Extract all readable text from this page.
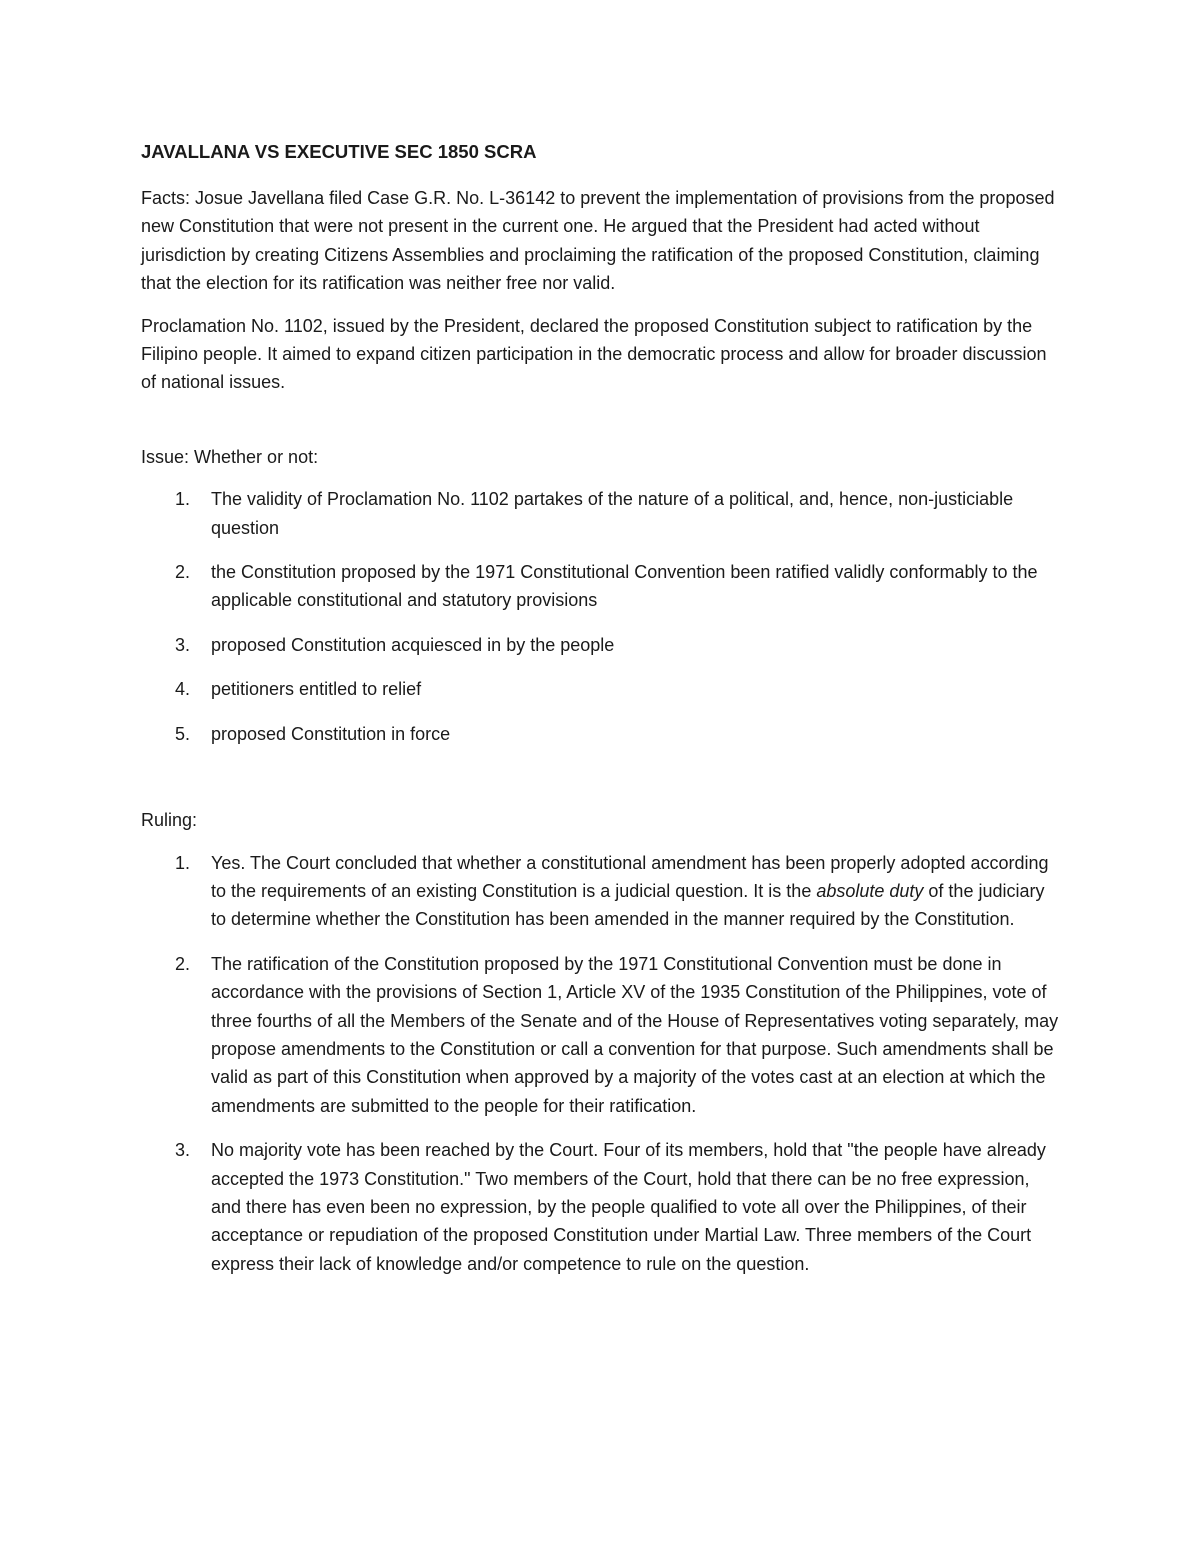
JAVALLANA VS EXECUTIVE SEC 1850 SCRA

Facts: Josue Javellana filed Case G.R. No. L-36142 to prevent the implementation of provisions from the proposed new Constitution that were not present in the current one. He argued that the President had acted without jurisdiction by creating Citizens Assemblies and proclaiming the ratification of the proposed Constitution, claiming that the election for its ratification was neither free nor valid.

Proclamation No. 1102, issued by the President, declared the proposed Constitution subject to ratification by the Filipino people. It aimed to expand citizen participation in the democratic process and allow for broader discussion of national issues.

Issue: Whether or not:

1. The validity of Proclamation No. 1102 partakes of the nature of a political, and, hence, non-justiciable question
2. the Constitution proposed by the 1971 Constitutional Convention been ratified validly conformably to the applicable constitutional and statutory provisions
3. proposed Constitution acquiesced in by the people
4. petitioners entitled to relief
5. proposed Constitution in force

Ruling:

1. Yes. The Court concluded that whether a constitutional amendment has been properly adopted according to the requirements of an existing Constitution is a judicial question. It is the absolute duty of the judiciary to determine whether the Constitution has been amended in the manner required by the Constitution.
2. The ratification of the Constitution proposed by the 1971 Constitutional Convention must be done in accordance with the provisions of Section 1, Article XV of the 1935 Constitution of the Philippines, vote of three fourths of all the Members of the Senate and of the House of Representatives voting separately, may propose amendments to the Constitution or call a convention for that purpose. Such amendments shall be valid as part of this Constitution when approved by a majority of the votes cast at an election at which the amendments are submitted to the people for their ratification.
3. No majority vote has been reached by the Court. Four of its members, hold that "the people have already accepted the 1973 Constitution." Two members of the Court, hold that there can be no free expression, and there has even been no expression, by the people qualified to vote all over the Philippines, of their acceptance or repudiation of the proposed Constitution under Martial Law. Three members of the Court express their lack of knowledge and/or competence to rule on the question.
